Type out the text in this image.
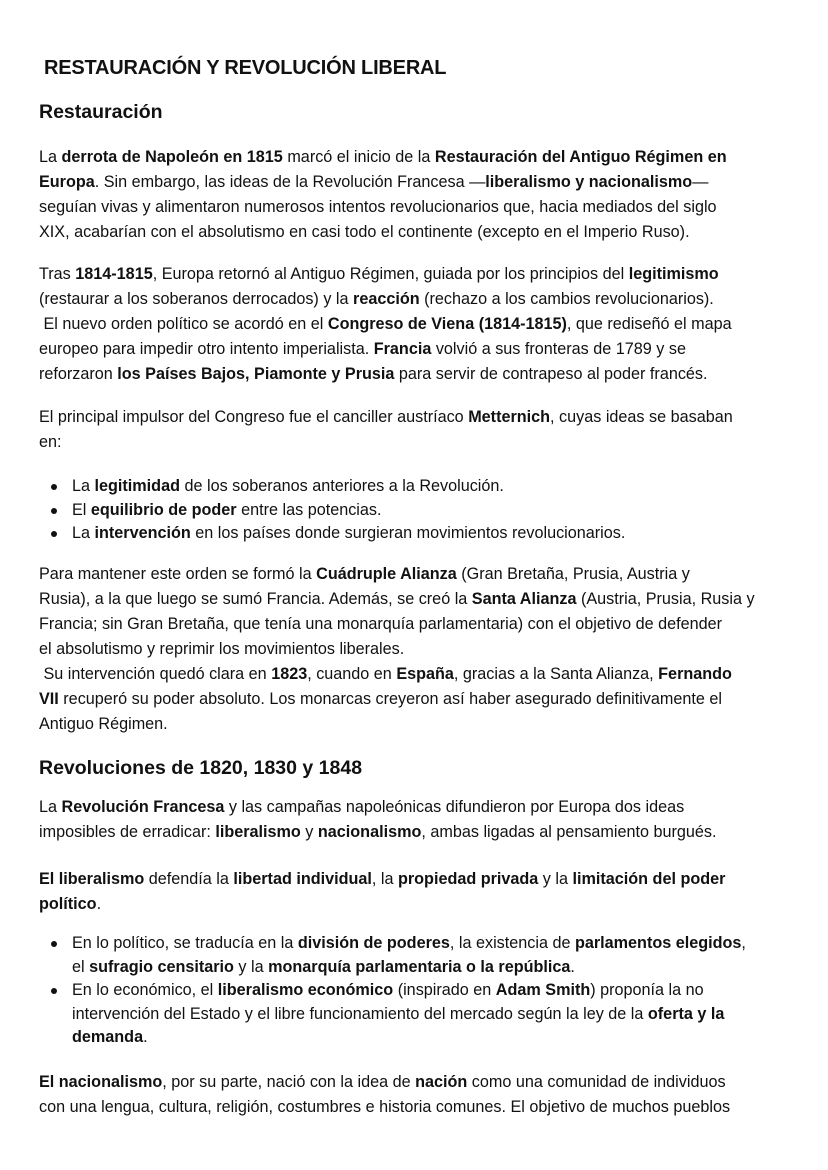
RESTAURACIÓN Y REVOLUCIÓN LIBERAL
Restauración
La derrota de Napoleón en 1815 marcó el inicio de la Restauración del Antiguo Régimen en
Europa. Sin embargo, las ideas de la Revolución Francesa —liberalismo y nacionalismo—
seguían vivas y alimentaron numerosos intentos revolucionarios que, hacia mediados del siglo
XIX, acabarían con el absolutismo en casi todo el continente (excepto en el Imperio Ruso).
Tras 1814-1815, Europa retornó al Antiguo Régimen, guiada por los principios del legitimismo
(restaurar a los soberanos derrocados) y la reacción (rechazo a los cambios revolucionarios).
El nuevo orden político se acordó en el Congreso de Viena (1814-1815), que rediseñó el mapa
europeo para impedir otro intento imperialista. Francia volvió a sus fronteras de 1789 y se
reforzaron los Países Bajos, Piamonte y Prusia para servir de contrapeso al poder francés.
El principal impulsor del Congreso fue el canciller austríaco Metternich, cuyas ideas se basaban
en:
La legitimidad de los soberanos anteriores a la Revolución.
El equilibrio de poder entre las potencias.
La intervención en los países donde surgieran movimientos revolucionarios.
Para mantener este orden se formó la Cuádruple Alianza (Gran Bretaña, Prusia, Austria y
Rusia), a la que luego se sumó Francia. Además, se creó la Santa Alianza (Austria, Prusia, Rusia y
Francia; sin Gran Bretaña, que tenía una monarquía parlamentaria) con el objetivo de defender
el absolutismo y reprimir los movimientos liberales.
Su intervención quedó clara en 1823, cuando en España, gracias a la Santa Alianza, Fernando
VII recuperó su poder absoluto. Los monarcas creyeron así haber asegurado definitivamente el
Antiguo Régimen.
Revoluciones de 1820, 1830 y 1848
La Revolución Francesa y las campañas napoleónicas difundieron por Europa dos ideas
imposibles de erradicar: liberalismo y nacionalismo, ambas ligadas al pensamiento burgués.
El liberalismo defendía la libertad individual, la propiedad privada y la limitación del poder
político.
En lo político, se traducía en la división de poderes, la existencia de parlamentos elegidos,
el sufragio censitario y la monarquía parlamentaria o la república.
En lo económico, el liberalismo económico (inspirado en Adam Smith) proponía la no
intervención del Estado y el libre funcionamiento del mercado según la ley de la oferta y la
demanda.
El nacionalismo, por su parte, nació con la idea de nación como una comunidad de individuos
con una lengua, cultura, religión, costumbres e historia comunes. El objetivo de muchos pueblos
